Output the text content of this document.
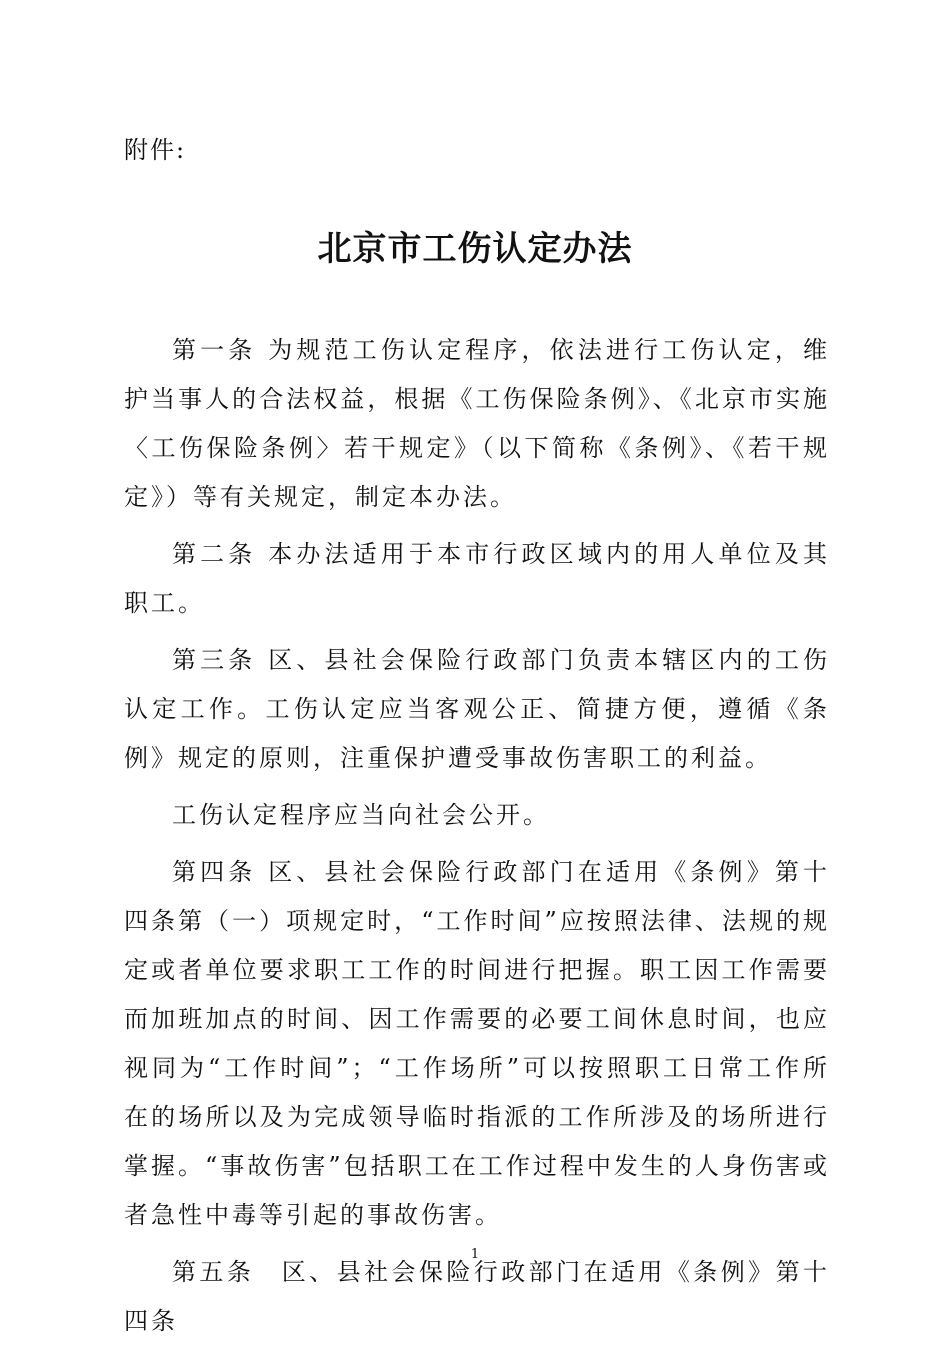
附件:
北京市工伤认定办法

第一条 为规范工伤认定程序，依法进行工伤认定，维护当事人的合法权益，根据《工伤保险条例》、《北京市实施〈工伤保险条例〉若干规定》（以下简称《条例》、《若干规定》）等有关规定，制定本办法。

第二条 本办法适用于本市行政区域内的用人单位及其职工。

第三条 区、县社会保险行政部门负责本辖区内的工伤认定工作。工伤认定应当客观公正、简捷方便，遵循《条例》规定的原则，注重保护遭受事故伤害职工的利益。

工伤认定程序应当向社会公开。

第四条 区、县社会保险行政部门在适用《条例》第十四条第（一）项规定时，“工作时间”应按照法律、法规的规定或者单位要求职工工作的时间进行把握。职工因工作需要而加班加点的时间、因工作需要的必要工间休息时间，也应视同为“工作时间”；“工作场所”可以按照职工日常工作所在的场所以及为完成领导临时指派的工作所涉及的场所进行掌握。“事故伤害”包括职工在工作过程中发生的人身伤害或者急性中毒等引起的事故伤害。

第五条　区、县社会保险行政部门在适用《条例》第十四条

1
